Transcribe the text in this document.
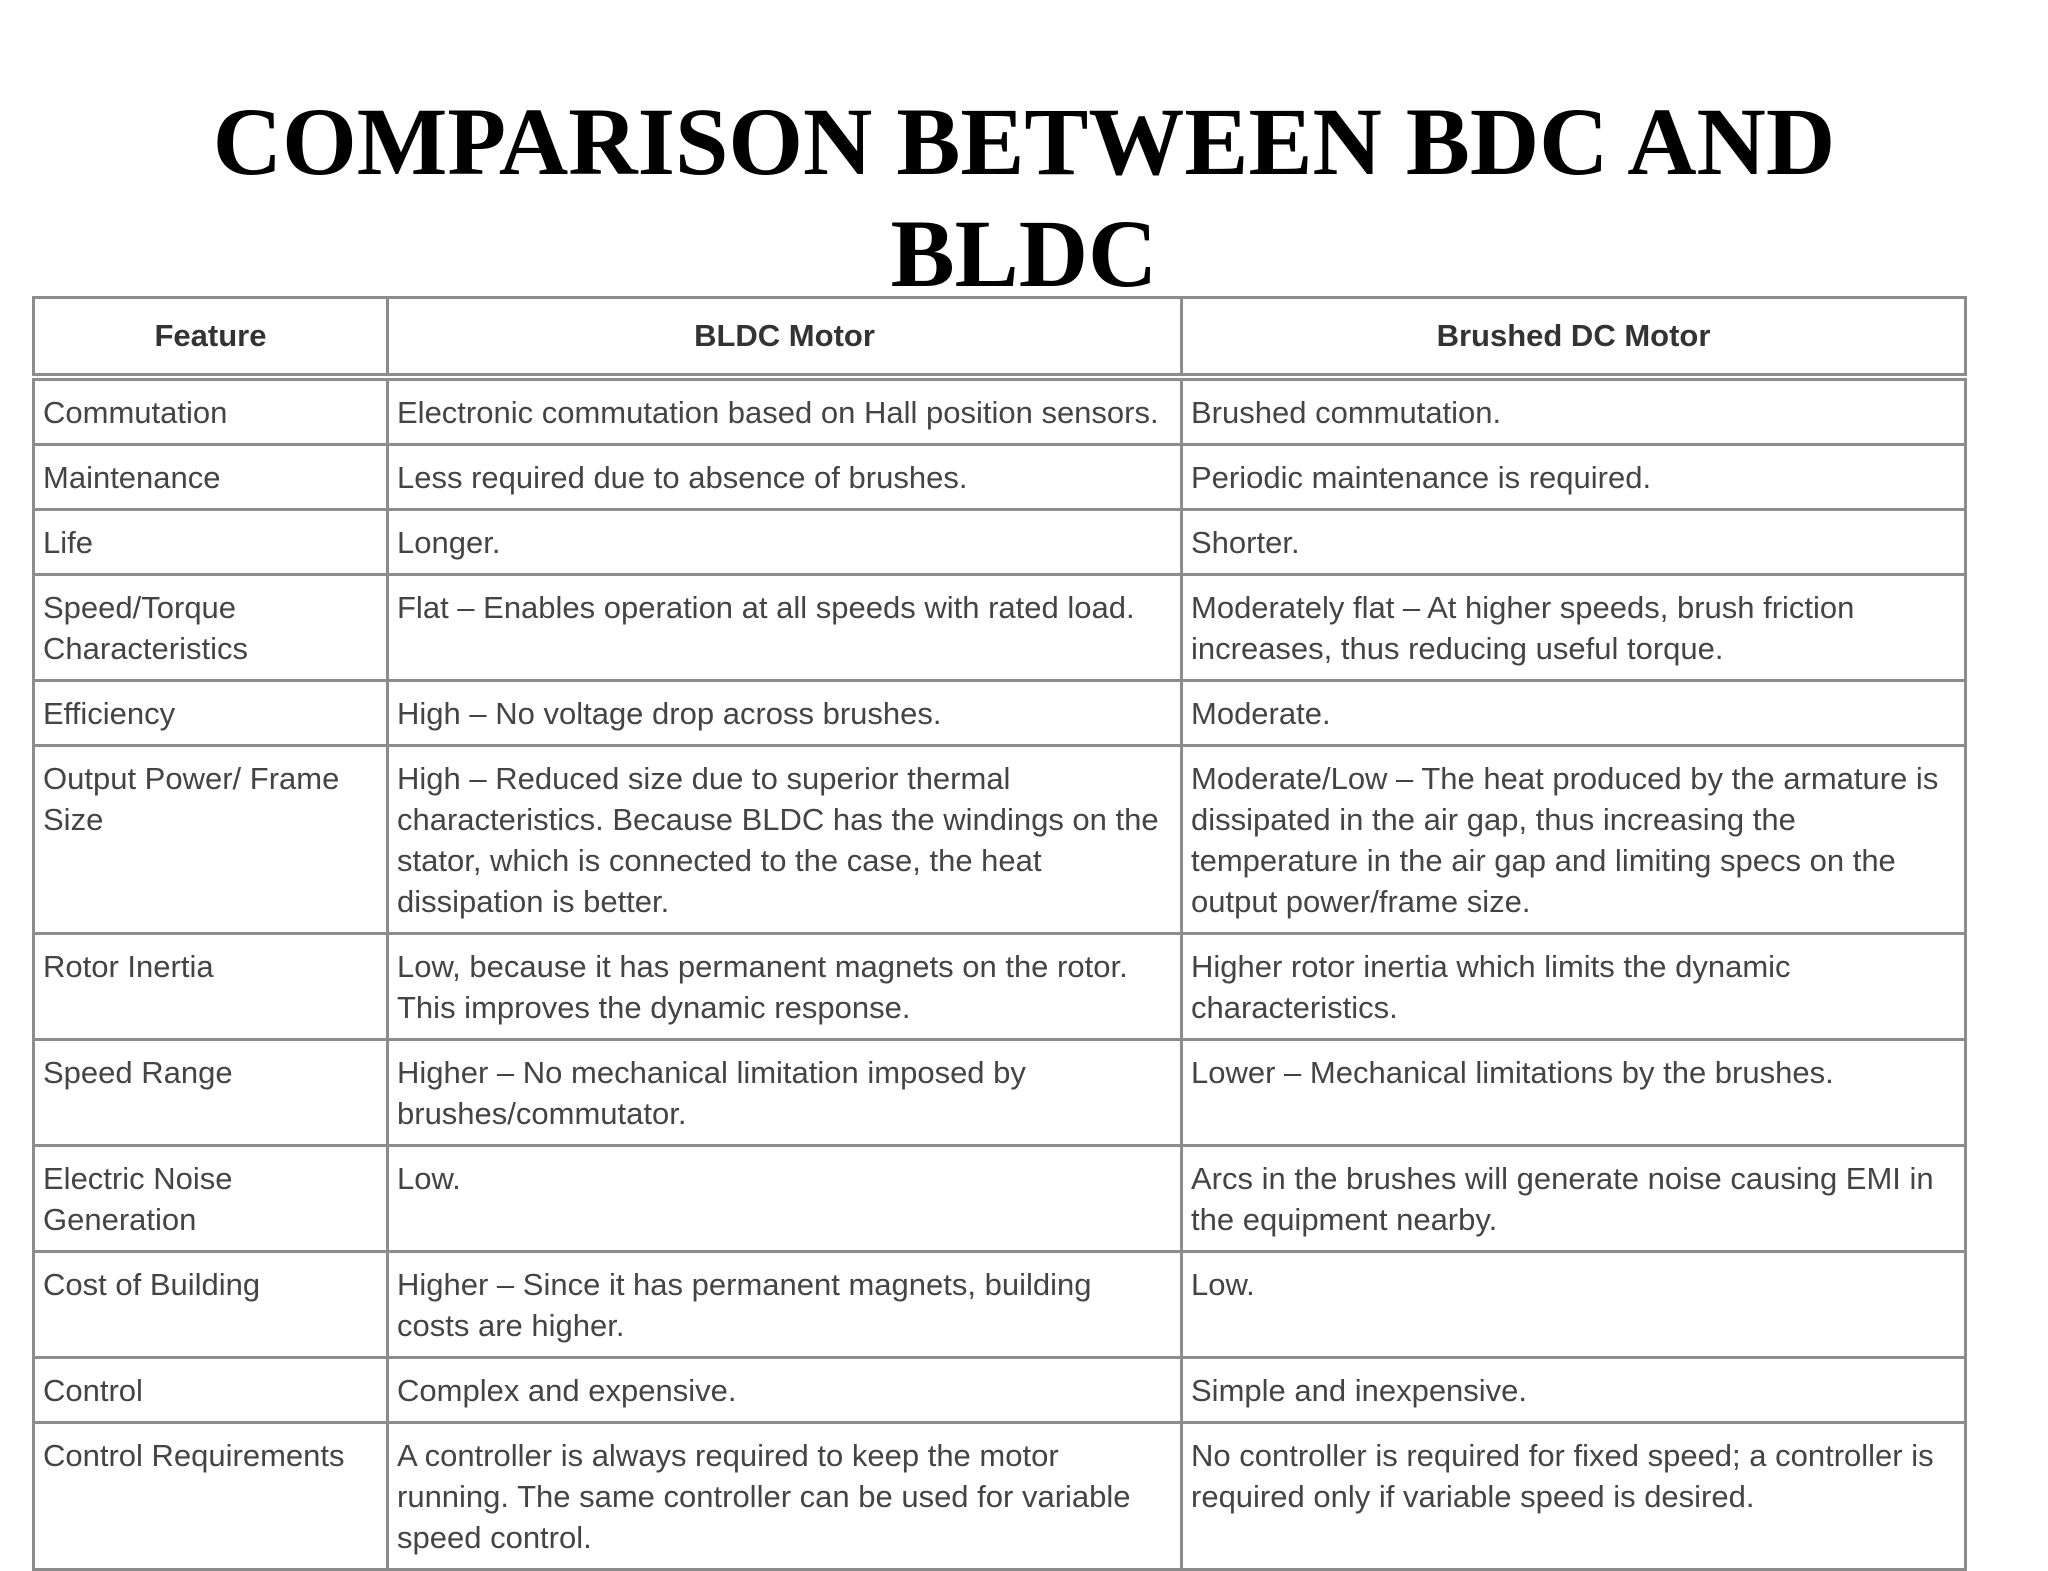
COMPARISON BETWEEN BDC AND
BLDC
Feature	BLDC Motor	Brushed DC Motor
Commutation	Electronic commutation based on Hall position sensors.	Brushed commutation.
Maintenance	Less required due to absence of brushes.	Periodic maintenance is required.
Life	Longer.	Shorter.
Speed/Torque Characteristics	Flat – Enables operation at all speeds with rated load.	Moderately flat – At higher speeds, brush friction increases, thus reducing useful torque.
Efficiency	High – No voltage drop across brushes.	Moderate.
Output Power/ Frame Size	High – Reduced size due to superior thermal characteristics. Because BLDC has the windings on the stator, which is connected to the case, the heat dissipation is better.	Moderate/Low – The heat produced by the armature is dissipated in the air gap, thus increasing the temperature in the air gap and limiting specs on the output power/frame size.
Rotor Inertia	Low, because it has permanent magnets on the rotor. This improves the dynamic response.	Higher rotor inertia which limits the dynamic characteristics.
Speed Range	Higher – No mechanical limitation imposed by brushes/commutator.	Lower – Mechanical limitations by the brushes.
Electric Noise Generation	Low.	Arcs in the brushes will generate noise causing EMI in the equipment nearby.
Cost of Building	Higher – Since it has permanent magnets, building costs are higher.	Low.
Control	Complex and expensive.	Simple and inexpensive.
Control Requirements	A controller is always required to keep the motor running. The same controller can be used for variable speed control.	No controller is required for fixed speed; a controller is required only if variable speed is desired.
